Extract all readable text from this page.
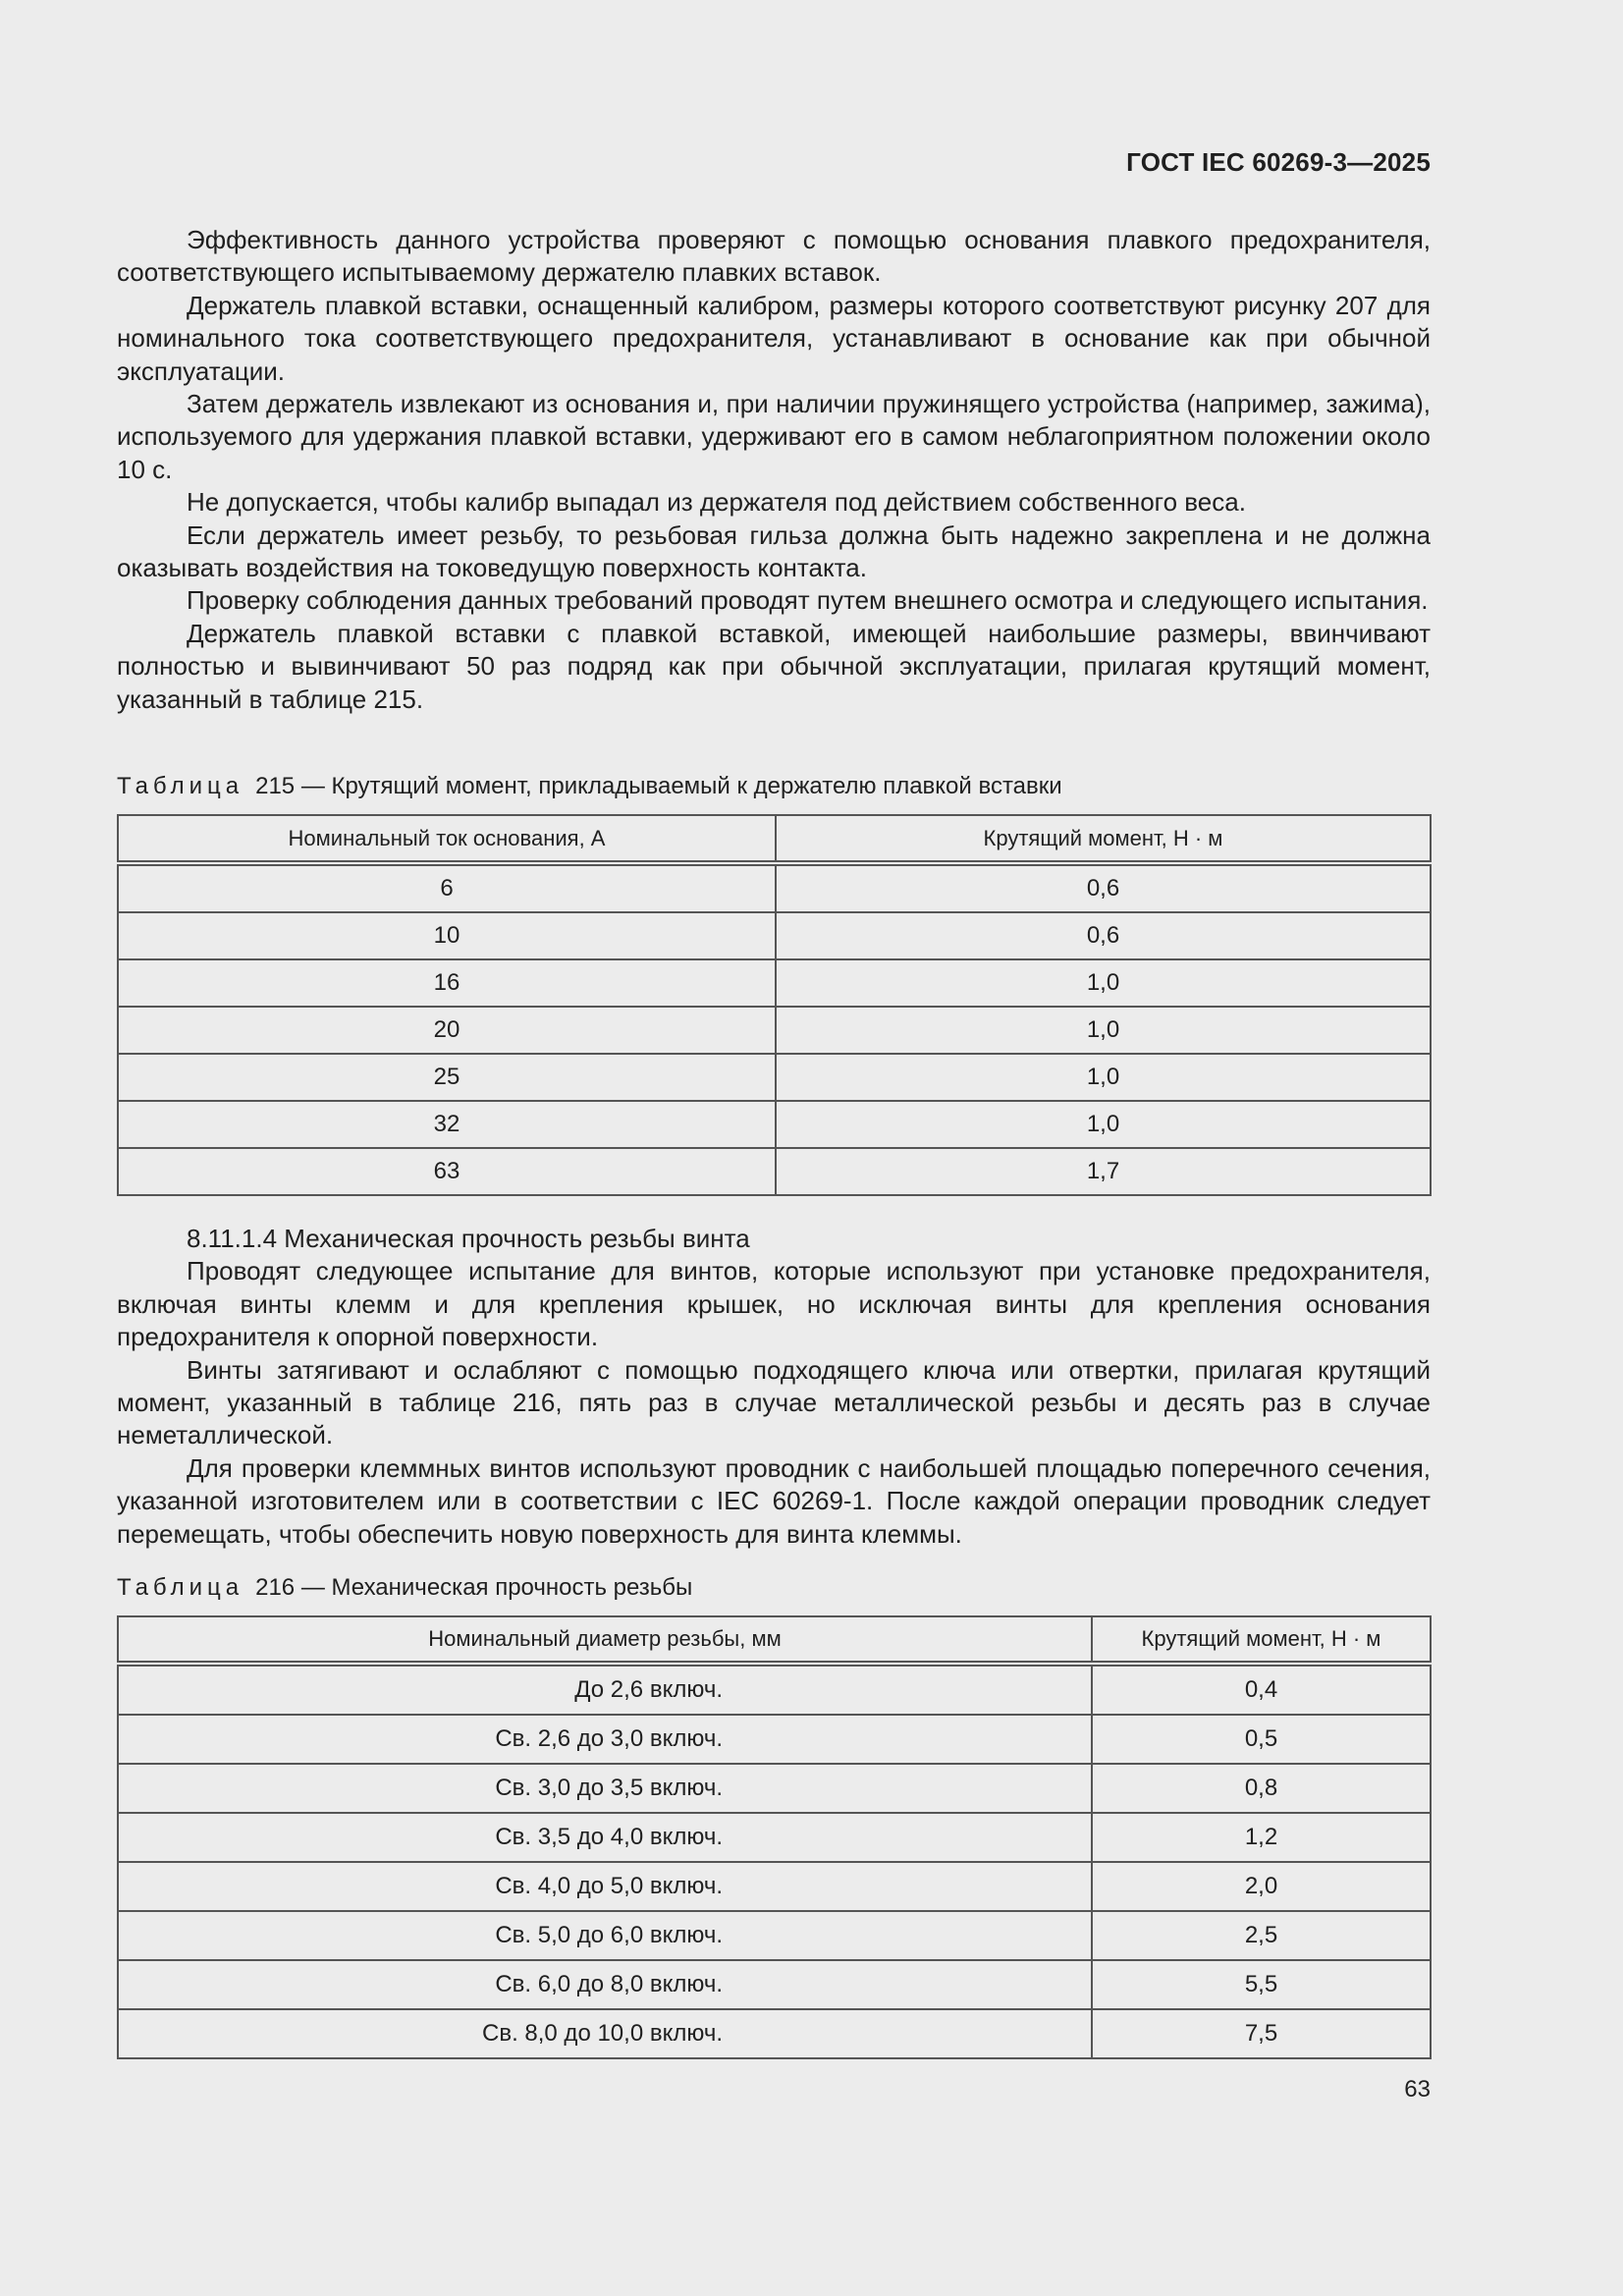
ГОСТ IEC 60269-3—2025

Эффективность данного устройства проверяют с помощью основания плавкого предохранителя, соответствующего испытываемому держателю плавких вставок.

Держатель плавкой вставки, оснащенный калибром, размеры которого соответствуют рисунку 207 для номинального тока соответствующего предохранителя, устанавливают в основание как при обычной эксплуатации.

Затем держатель извлекают из основания и, при наличии пружинящего устройства (например, зажима), используемого для удержания плавкой вставки, удерживают его в самом неблагоприятном положении около 10 с.

Не допускается, чтобы калибр выпадал из держателя под действием собственного веса.

Если держатель имеет резьбу, то резьбовая гильза должна быть надежно закреплена и не должна оказывать воздействия на токоведущую поверхность контакта.

Проверку соблюдения данных требований проводят путем внешнего осмотра и следующего испытания.

Держатель плавкой вставки с плавкой вставкой, имеющей наибольшие размеры, ввинчивают полностью и вывинчивают 50 раз подряд как при обычной эксплуатации, прилагая крутящий момент, указанный в таблице 215.

Таблица 215 — Крутящий момент, прикладываемый к держателю плавкой вставки
Номинальный ток основания, А	Крутящий момент, Н · м
6	0,6
10	0,6
16	1,0
20	1,0
25	1,0
32	1,0
63	1,7

8.11.1.4 Механическая прочность резьбы винта

Проводят следующее испытание для винтов, которые используют при установке предохранителя, включая винты клемм и для крепления крышек, но исключая винты для крепления основания предохранителя к опорной поверхности.

Винты затягивают и ослабляют с помощью подходящего ключа или отвертки, прилагая крутящий момент, указанный в таблице 216, пять раз в случае металлической резьбы и десять раз в случае неметаллической.

Для проверки клеммных винтов используют проводник с наибольшей площадью поперечного сечения, указанной изготовителем или в соответствии с IEC 60269-1. После каждой операции проводник следует перемещать, чтобы обеспечить новую поверхность для винта клеммы.

Таблица 216 — Механическая прочность резьбы
Номинальный диаметр резьбы, мм	Крутящий момент, Н · м
До 2,6 включ.	0,4
Св. 2,6 до 3,0 включ.	0,5
Св. 3,0 до 3,5 включ.	0,8
Св. 3,5 до 4,0 включ.	1,2
Св. 4,0 до 5,0 включ.	2,0
Св. 5,0 до 6,0 включ.	2,5
Св. 6,0 до 8,0 включ.	5,5
Св. 8,0 до 10,0 включ.	7,5
63
